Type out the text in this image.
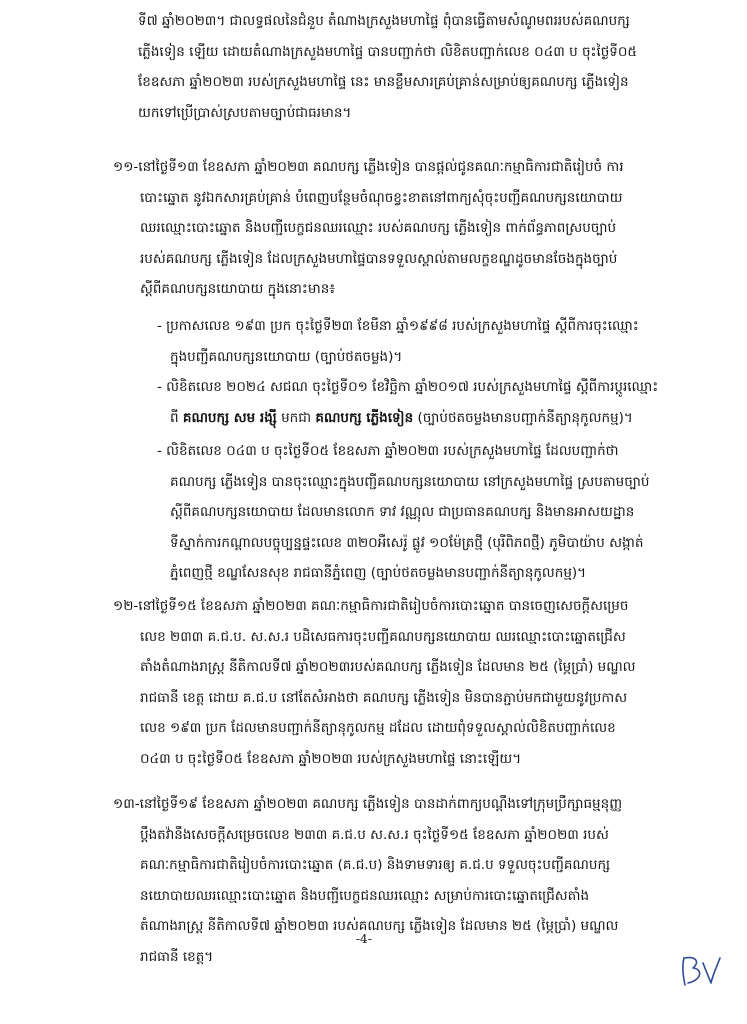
ទី៧ ឆ្នាំ២០២៣។ ជាលទ្ធផលនៃជំនួប តំណាងក្រសួងមហាផ្ទៃ ពុំបានធ្វើតាមសំណូមពររបស់គណបក្ស
ភ្លើងទៀន ឡើយ ដោយតំណាងក្រសួងមហាផ្ទៃ បានបញ្ជាក់ថា លិខិតបញ្ជាក់លេខ ០៤៣ ប ចុះថ្ងៃទី០៥
ខែឧសភា ឆ្នាំ២០២៣ របស់ក្រសួងមហាផ្ទៃ នេះ មានខ្លឹមសារគ្រប់គ្រាន់សម្រាប់ឲ្យគណបក្ស ភ្លើងទៀន
យកទៅប្រើប្រាស់ស្របតាមច្បាប់ជាធរមាន។
១១-នៅថ្ងៃទី១៣ ខែឧសភា ឆ្នាំ២០២៣ គណបក្ស ភ្លើងទៀន បានផ្ដល់ជូនគណៈកម្មាធិការជាតិរៀបចំ ការ
បោះឆ្នោត នូវឯកសារគ្រប់គ្រាន់ បំពេញបន្ថែមចំណុចខ្វះខាតនៅពាក្យសុំចុះបញ្ជីគណបក្សនយោបាយ
ឈរឈ្មោះបោះឆ្នោត និងបញ្ជីបេក្ខជនឈរឈ្មោះ របស់គណបក្ស ភ្លើងទៀន ពាក់ព័ន្ធភាពស្របច្បាប់
របស់គណបក្ស ភ្លើងទៀន ដែលក្រសួងមហាផ្ទៃបានទទួលស្គាល់តាមលក្ខខណ្ឌដូចមានចែងក្នុងច្បាប់
ស្ដីពីគណបក្សនយោបាយ ក្នុងនោះមាន៖
- ប្រកាសលេខ ១៩៣ ប្រក ចុះថ្ងៃទី២៣ ខែមីនា ឆ្នាំ១៩៩៨ របស់ក្រសួងមហាផ្ទៃ ស្ដីពីការចុះឈ្មោះ
ក្នុងបញ្ជីគណបក្សនយោបាយ (ច្បាប់ថតចម្លង)។
- លិខិតលេខ ២០២៤ សជណ ចុះថ្ងៃទី០១ ខែវិច្ឆិកា ឆ្នាំ២០១៧ របស់ក្រសួងមហាផ្ទៃ ស្ដីពីការប្ដូរឈ្មោះ
ពី គណបក្ស សម រង្ស៊ី មកជា គណបក្ស ភ្លើងទៀន (ច្បាប់ថតចម្លងមានបញ្ជាក់នីត្យានុកូលកម្ម)។
- លិខិតលេខ ០៤៣ ប ចុះថ្ងៃទី០៥ ខែឧសភា ឆ្នាំ២០២៣ របស់ក្រសួងមហាផ្ទៃ ដែលបញ្ជាក់ថា
គណបក្ស ភ្លើងទៀន បានចុះឈ្មោះក្នុងបញ្ជីគណបក្សនយោបាយ នៅក្រសួងមហាផ្ទៃ ស្របតាមច្បាប់
ស្ដីពីគណបក្សនយោបាយ ដែលមានលោក ទាវ វណ្ណុល ជាប្រធានគណបក្ស និងមានអាសយដ្ឋាន
ទីស្នាក់ការកណ្ដាលបច្ចុប្បន្នផ្ទះលេខ ៣២០អឺសេរ៉ូ ផ្លូវ ១០ម៉ែត្រថ្មី (បុរីពិភពថ្មី) ភូមិបាយ៉ាប សង្កាត់
ភ្នំពេញថ្មី ខណ្ឌសែនសុខ រាជធានីភ្នំពេញ (ច្បាប់ថតចម្លងមានបញ្ជាក់នីត្យានុកូលកម្ម)។
១២-នៅថ្ងៃទី១៥ ខែឧសភា ឆ្នាំ២០២៣ គណៈកម្មាធិការជាតិរៀបចំការបោះឆ្នោត បានចេញសេចក្ដីសម្រេច
លេខ ២៣៣ គ.ជ.ប. ស.ស.រ បដិសេធការចុះបញ្ជីគណបក្សនយោបាយ ឈរឈ្មោះបោះឆ្នោតជ្រើស
តាំងតំណាងរាស្ត្រ នីតិកាលទី៧ ឆ្នាំ២០២៣របស់គណបក្ស ភ្លើងទៀន ដែលមាន ២៥ (ម្ភៃប្រាំ) មណ្ឌល
រាជធានី ខេត្ត ដោយ គ.ជ.ប នៅតែសំអាងថា គណបក្ស ភ្លើងទៀន មិនបានភ្ជាប់មកជាមួយនូវប្រកាស
លេខ ១៩៣ ប្រក ដែលមានបញ្ជាក់នីត្យានុកូលកម្ម ដដែល ដោយពុំទទួលស្គាល់លិខិតបញ្ជាក់លេខ
០៤៣ ប ចុះថ្ងៃទី០៥ ខែឧសភា ឆ្នាំ២០២៣ របស់ក្រសួងមហាផ្ទៃ នោះឡើយ។
១៣-នៅថ្ងៃទី១៩ ខែឧសភា ឆ្នាំ២០២៣ គណបក្ស ភ្លើងទៀន បានដាក់ពាក្យបណ្ដឹងទៅក្រុមប្រឹក្សាធម្មនុញ្ញ
ប្ដឹងតវ៉ានឹងសេចក្ដីសម្រេចលេខ ២៣៣ គ.ជ.ប ស.ស.រ ចុះថ្ងៃទី១៥ ខែឧសភា ឆ្នាំ២០២៣ របស់
គណៈកម្មាធិការជាតិរៀបចំការបោះឆ្នោត (គ.ជ.ប) និងទាមទារឲ្យ គ.ជ.ប ទទួលចុះបញ្ជីគណបក្ស
នយោបាយឈរឈ្មោះបោះឆ្នោត និងបញ្ជីបេក្ខជនឈរឈ្មោះ សម្រាប់ការបោះឆ្នោតជ្រើសតាំង
តំណាងរាស្ត្រ នីតិកាលទី៧ ឆ្នាំ២០២៣ របស់គណបក្ស ភ្លើងទៀន ដែលមាន ២៥ (ម្ភៃប្រាំ) មណ្ឌល
រាជធានី ខេត្ត។
-4-
